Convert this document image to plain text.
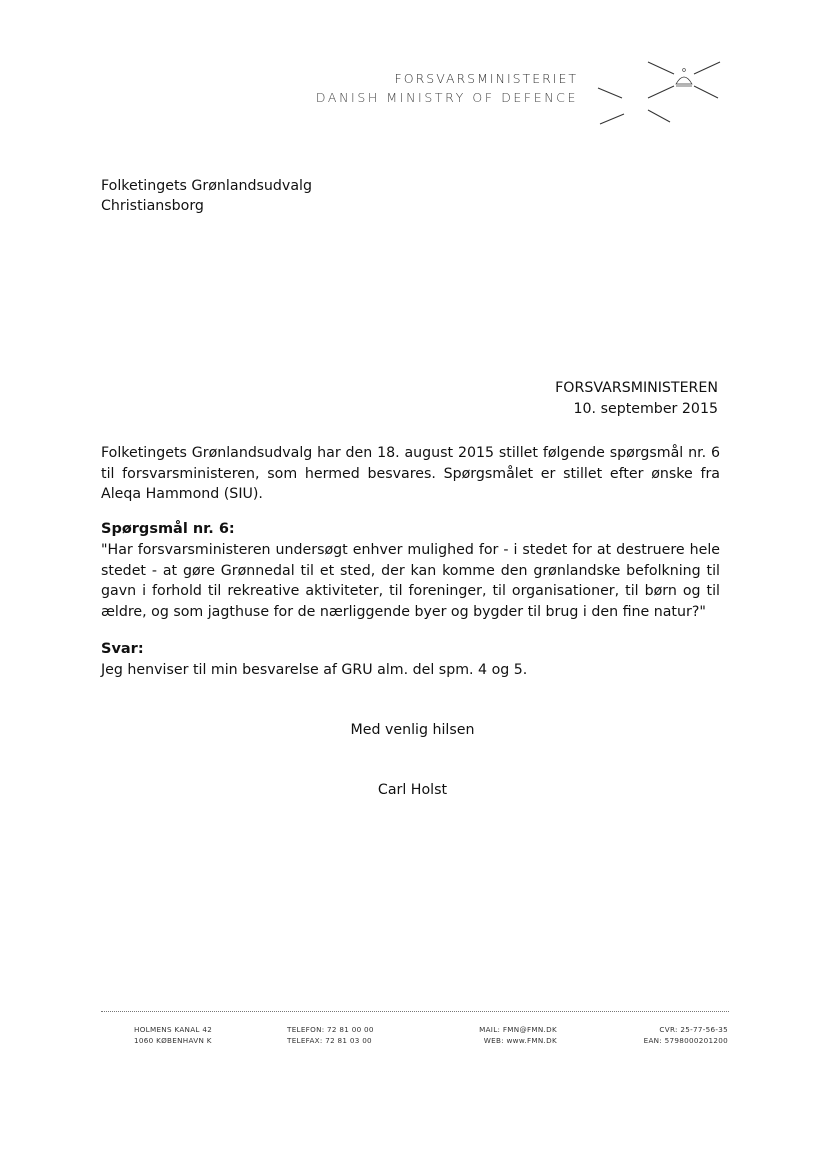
FORSVARSMINISTERIET
DANISH MINISTRY OF DEFENCE
Folketingets Grønlandsudvalg
Christiansborg
FORSVARSMINISTEREN
10. september 2015
Folketingets Grønlandsudvalg har den 18. august 2015 stillet følgende spørgsmål nr. 6 til forsvarsministeren, som hermed besvares. Spørgsmålet er stillet efter ønske fra Aleqa Hammond (SIU).
Spørgsmål nr. 6:
"Har forsvarsministeren undersøgt enhver mulighed for - i stedet for at destruere hele stedet - at gøre Grønnedal til et sted, der kan komme den grønlandske befolkning til gavn i forhold til rekreative aktiviteter, til foreninger, til organisationer, til børn og til ældre, og som jagthuse for de nærliggende byer og bygder til brug i den fine natur?"
Svar:
Jeg henviser til min besvarelse af GRU alm. del spm. 4 og 5.
Med venlig hilsen
Carl Holst
HOLMENS KANAL 42
1060 KØBENHAVN K
TELEFON: 72 81 00 00
TELEFAX: 72 81 03 00
MAIL: FMN@FMN.DK
WEB: www.FMN.DK
CVR: 25-77-56-35
EAN: 5798000201200
